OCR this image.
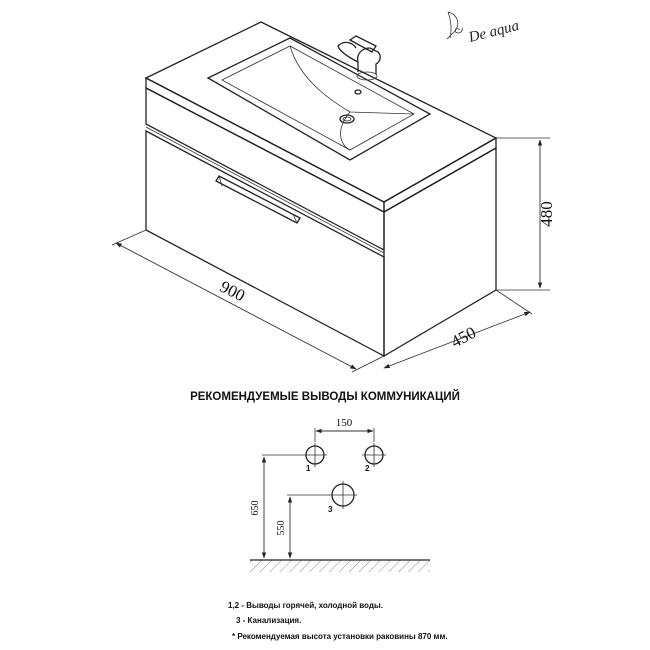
De aqua
900
450
480
РЕКОМЕНДУЕМЫЕ ВЫВОДЫ КОММУНИКАЦИЙ
150
1	2
3
650
550
1,2 - Выводы горячей, холодной воды.
3 - Канализация.
* Рекомендуемая высота установки раковины 870 мм.
